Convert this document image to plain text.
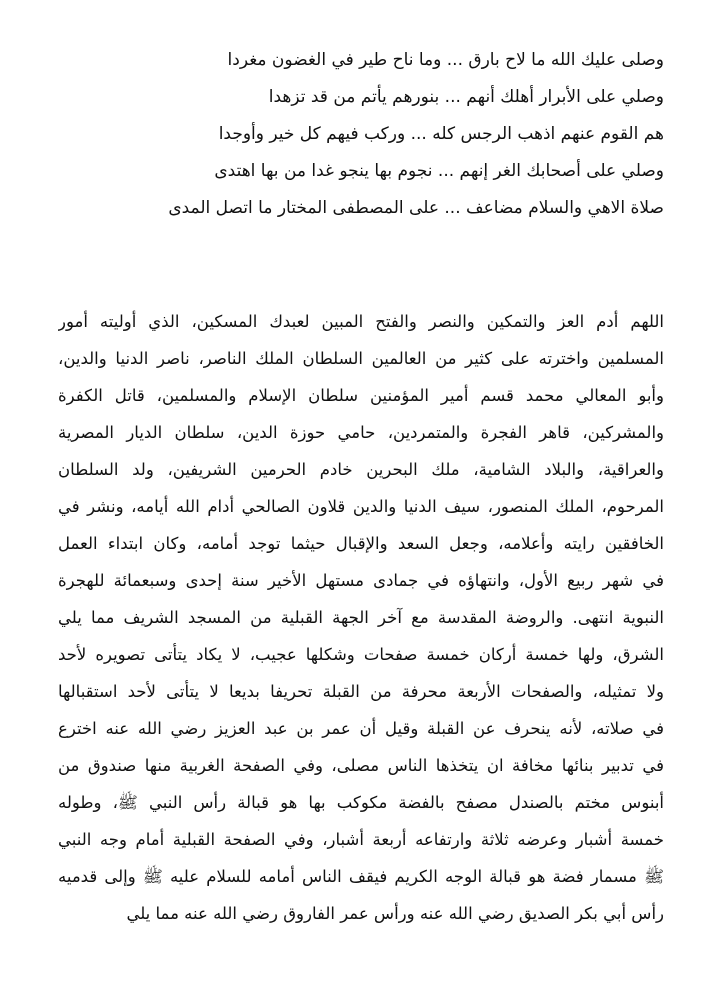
وصلى عليك الله ما لاح بارق ... وما ناح طير في الغضون مغردا
وصلي على الأبرار أهلك أنهم ... بنورهم يأتم من قد تزهدا
هم القوم عنهم اذهب الرجس كله ... وركب فيهم كل خير وأوجدا
وصلي على أصحابك الغر إنهم ... نجوم بها ينجو غدا من بها اهتدى
صلاة الاهي والسلام مضاعف ... على المصطفى المختار ما اتصل المدى
اللهم أدم العز والتمكين والنصر والفتح المبين لعبدك المسكين، الذي أوليته أمور
المسلمين واخترته على كثير من العالمين السلطان الملك الناصر، ناصر الدنيا والدين،
وأبو المعالي محمد قسم أمير المؤمنين سلطان الإسلام والمسلمين، قاتل الكفرة
والمشركين، قاهر الفجرة والمتمردين، حامي حوزة الدين، سلطان الديار المصرية
والعراقية، والبلاد الشامية، ملك البحرين خادم الحرمين الشريفين، ولد السلطان
المرحوم، الملك المنصور، سيف الدنيا والدين قلاون الصالحي أدام الله أيامه، ونشر في
الخافقين رايته وأعلامه، وجعل السعد والإقبال حيثما توجد أمامه، وكان ابتداء العمل
في شهر ربيع الأول، وانتهاؤه في جمادى مستهل الأخير سنة إحدى وسبعمائة للهجرة
النبوية انتهى. والروضة المقدسة مع آخر الجهة القبلية من المسجد الشريف مما يلي
الشرق، ولها خمسة أركان خمسة صفحات وشكلها عجيب، لا يكاد يتأتى تصويره لأحد
ولا تمثيله، والصفحات الأربعة محرفة من القبلة تحريفا بديعا لا يتأتى لأحد استقبالها
في صلاته، لأنه ينحرف عن القبلة وقيل أن عمر بن عبد العزيز رضي الله عنه اخترع
في تدبير بنائها مخافة ان يتخذها الناس مصلى، وفي الصفحة الغربية منها صندوق من
أبنوس مختم بالصندل مصفح بالفضة مكوكب بها هو قبالة رأس النبي ﷺ، وطوله
خمسة أشبار وعرضه ثلاثة وارتفاعه أربعة أشبار، وفي الصفحة القبلية أمام وجه النبي
ﷺ مسمار فضة هو قبالة الوجه الكريم فيقف الناس أمامه للسلام عليه ﷺ وإلى قدميه
رأس أبي بكر الصديق رضي الله عنه ورأس عمر الفاروق رضي الله عنه مما يلي
